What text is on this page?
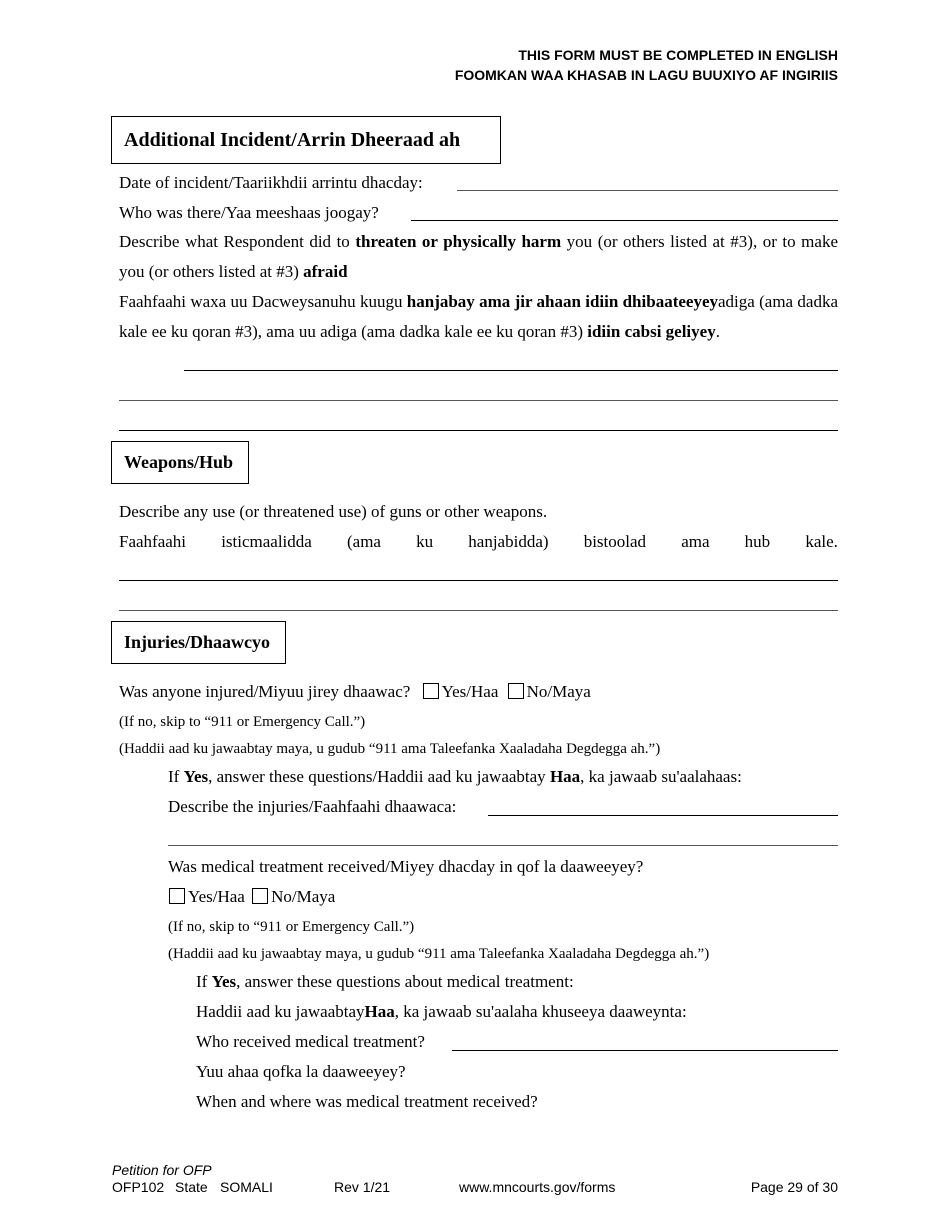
THIS FORM MUST BE COMPLETED IN ENGLISH
FOOMKAN WAA KHASAB IN LAGU BUUXIYO AF INGIRIIS
Additional Incident/Arrin Dheeraad ah
Date of incident/Taariikhdii arrintu dhacday:
Who was there/Yaa meeshaas joogay?
Describe what Respondent did to threaten or physically harm you (or others listed at #3), or to make you (or others listed at #3) afraid
Faahfaahi waxa uu Dacweysanuhu kuugu hanjabay ama jir ahaan idiin dhibaateeyeyadiga (ama dadka kale ee ku qoran #3), ama uu adiga (ama dadka kale ee ku qoran #3) idiin cabsi geliyey.
Weapons/Hub
Describe any use (or threatened use) of guns or other weapons.
Faahfaahi isticmaalidda (ama ku hanjabidda) bistoolad ama hub kale.
Injuries/Dhaawcyo
Was anyone injured/Miyuu jirey dhaawac? Yes/Haa No/Maya
(If no, skip to “911 or Emergency Call.”)
(Haddii aad ku jawaabtay maya, u gudub “911 ama Taleefanka Xaaladaha Degdegga ah.”)
If Yes, answer these questions/Haddii aad ku jawaabtay Haa, ka jawaab su'aalahaas:
Describe the injuries/Faahfaahi dhaawaca:
Was medical treatment received/Miyey dhacday in qof la daaweeyey?
Yes/Haa No/Maya
(If no, skip to “911 or Emergency Call.”)
(Haddii aad ku jawaabtay maya, u gudub “911 ama Taleefanka Xaaladaha Degdegga ah.”)
If Yes, answer these questions about medical treatment:
Haddii aad ku jawaabtayHaa, ka jawaab su'aalaha khuseeya daaweynta:
Who received medical treatment?
Yuu ahaa qofka la daaweeyey?
When and where was medical treatment received?
Petition for OFP
OFP102 State SOMALI	Rev 1/21	www.mncourts.gov/forms	Page 29 of 30
